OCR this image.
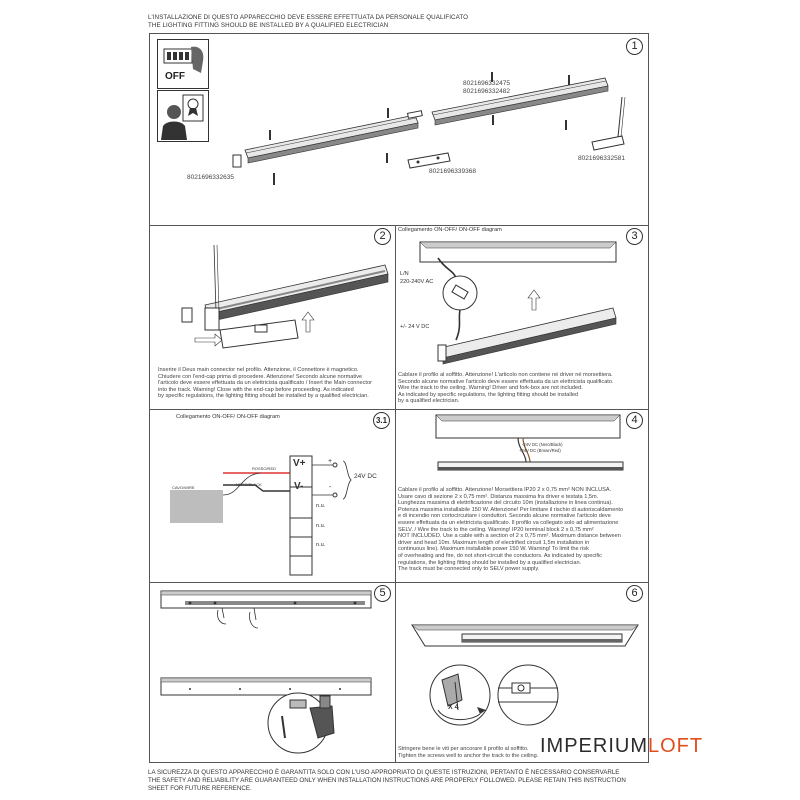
L'INSTALLAZIONE DI QUESTO APPARECCHIO DEVE ESSERE EFFETTUATA DA PERSONALE QUALIFICATO
THE LIGHTING FITTING SHOULD BE INSTALLED BY A QUALIFIED ELECTRICIAN
1
OFF
8021696332475
8021696332482
8021696332635
8021696339368
8021696332581
2
Inserire il Deus main connector nel profilo. Attenzione, il Connettore è magnetico.
Chiudere con l'end-cap prima di procedere. Attenzione! Secondo alcune normative
l'articolo deve essere effettuata da un elettricista qualificato / Insert the Main connector
into the track. Warning! Close with the end-cap before proceeding. As indicated
by specific regulations, the lighting fitting should be installed by a qualified electrician.
3
Collegamento ON-OFF/ ON-OFF diagram
L/N
220-240V AC
+/- 24 V DC
Cablare il profilo al soffitto. Attenzione! L'articolo non contiene né driver né morsettiera.
Secondo alcune normative l'articolo deve essere effettuata da un elettricista qualificato.
Wire the track to the ceiling. Warning! Driver and fork-box are not included.
As indicated by specific regulations, the lighting fitting should be installed
by a qualified electrician.
3.1
Collegamento ON-OFF/ ON-OFF diagram
V+
V-
n.u.
n.u.
n.u.
+
-
24V DC
ROSSO/RED
NERO/BLACK
CAVO/WIRE
4
-24V DC (Nero/Black)
+24V DC (Brown/Red)
Cablare il profilo al soffitto. Attenzione! Morsettiera IP20 2 x 0,75 mm² NON INCLUSA.
Usare cavo di sezione 2 x 0,75 mm². Distanza massima fra driver e testata 1,5m.
Lunghezza massima di elettrificazione del circuito 10m (installazione in linea continua).
Potenza massima installabile 150 W. Attenzione! Per limitare il rischio di autoriscaldamento
e di incendio non cortocircuitare i conduttori. Secondo alcune normative l'articolo deve
essere effettuata da un elettricista qualificato. Il profilo va collegato solo ad alimentazione
SELV. / Wire the track to the ceiling. Warning! IP20 terminal block 2 x 0,75 mm²
NOT INCLUDED. Use a cable with a section of 2 x 0,75 mm². Maximum distance between
driver and head 10m. Maximum length of electrified circuit 1,5m installation in
continuous line). Maximum installable power 150 W. Warning! To limit the risk
of overheating and fire, do not short-circuit the conductors. As indicated by specific
regulations, the lighting fitting should be installed by a qualified electrician.
The track must be connected only to SELV power supply.
5	6
X 4
Stringere bene le viti per ancorare il profilo al soffitto.
Tighten the screws well to anchor the track to the ceiling. IMPERIUMLOFT
LA SICUREZZA DI QUESTO APPARECCHIO È GARANTITA SOLO CON L'USO APPROPRIATO DI QUESTE ISTRUZIONI, PERTANTO È NECESSARIO CONSERVARLE
THE SAFETY AND RELIABILITY ARE GUARANTEED ONLY WHEN INSTALLATION INSTRUCTIONS ARE PROPERLY FOLLOWED. PLEASE RETAIN THIS INSTRUCTION
SHEET FOR FUTURE REFERENCE.
